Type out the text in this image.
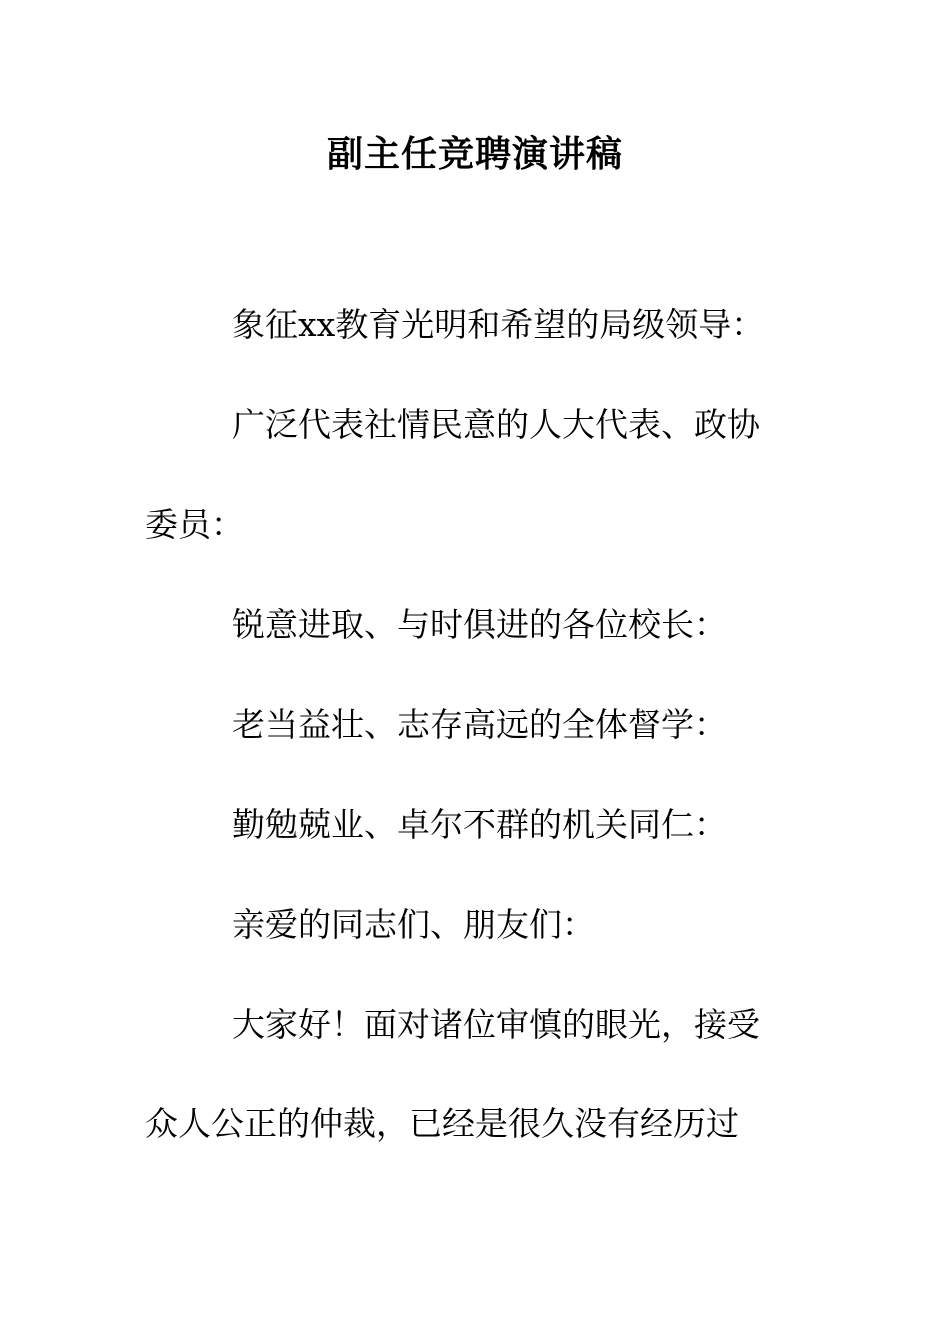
副主任竞聘演讲稿
象征xx教育光明和希望的局级领导：
广泛代表社情民意的人大代表、政协
委员：
锐意进取、与时俱进的各位校长：
老当益壮、志存高远的全体督学：
勤勉兢业、卓尔不群的机关同仁：
亲爱的同志们、朋友们：
大家好！面对诸位审慎的眼光，接受
众人公正的仲裁，已经是很久没有经历过
